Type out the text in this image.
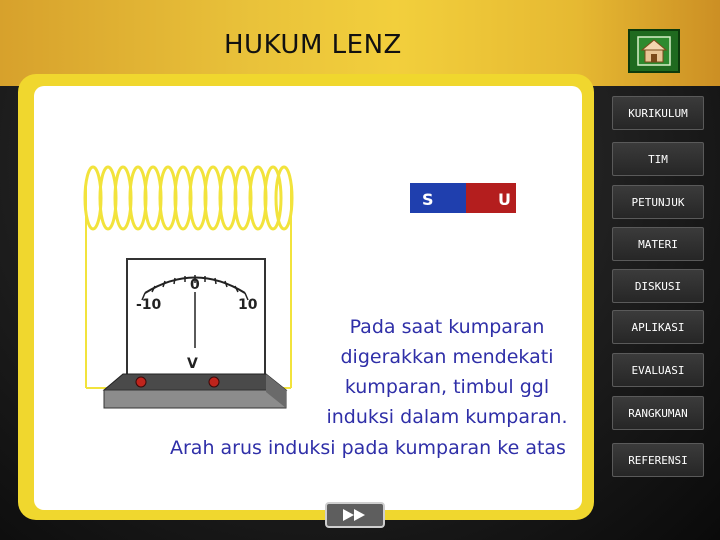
HUKUM LENZ
S	U
-10
0
10
V
Pada saat kumparan
digerakkan mendekati
kumparan, timbul ggl
induksi dalam kumparan.
Arah arus induksi pada kumparan ke atas
KURIKULUM
TIM
PETUNJUK
MATERI
DISKUSI
APLIKASI
EVALUASI
RANGKUMAN
REFERENSI
